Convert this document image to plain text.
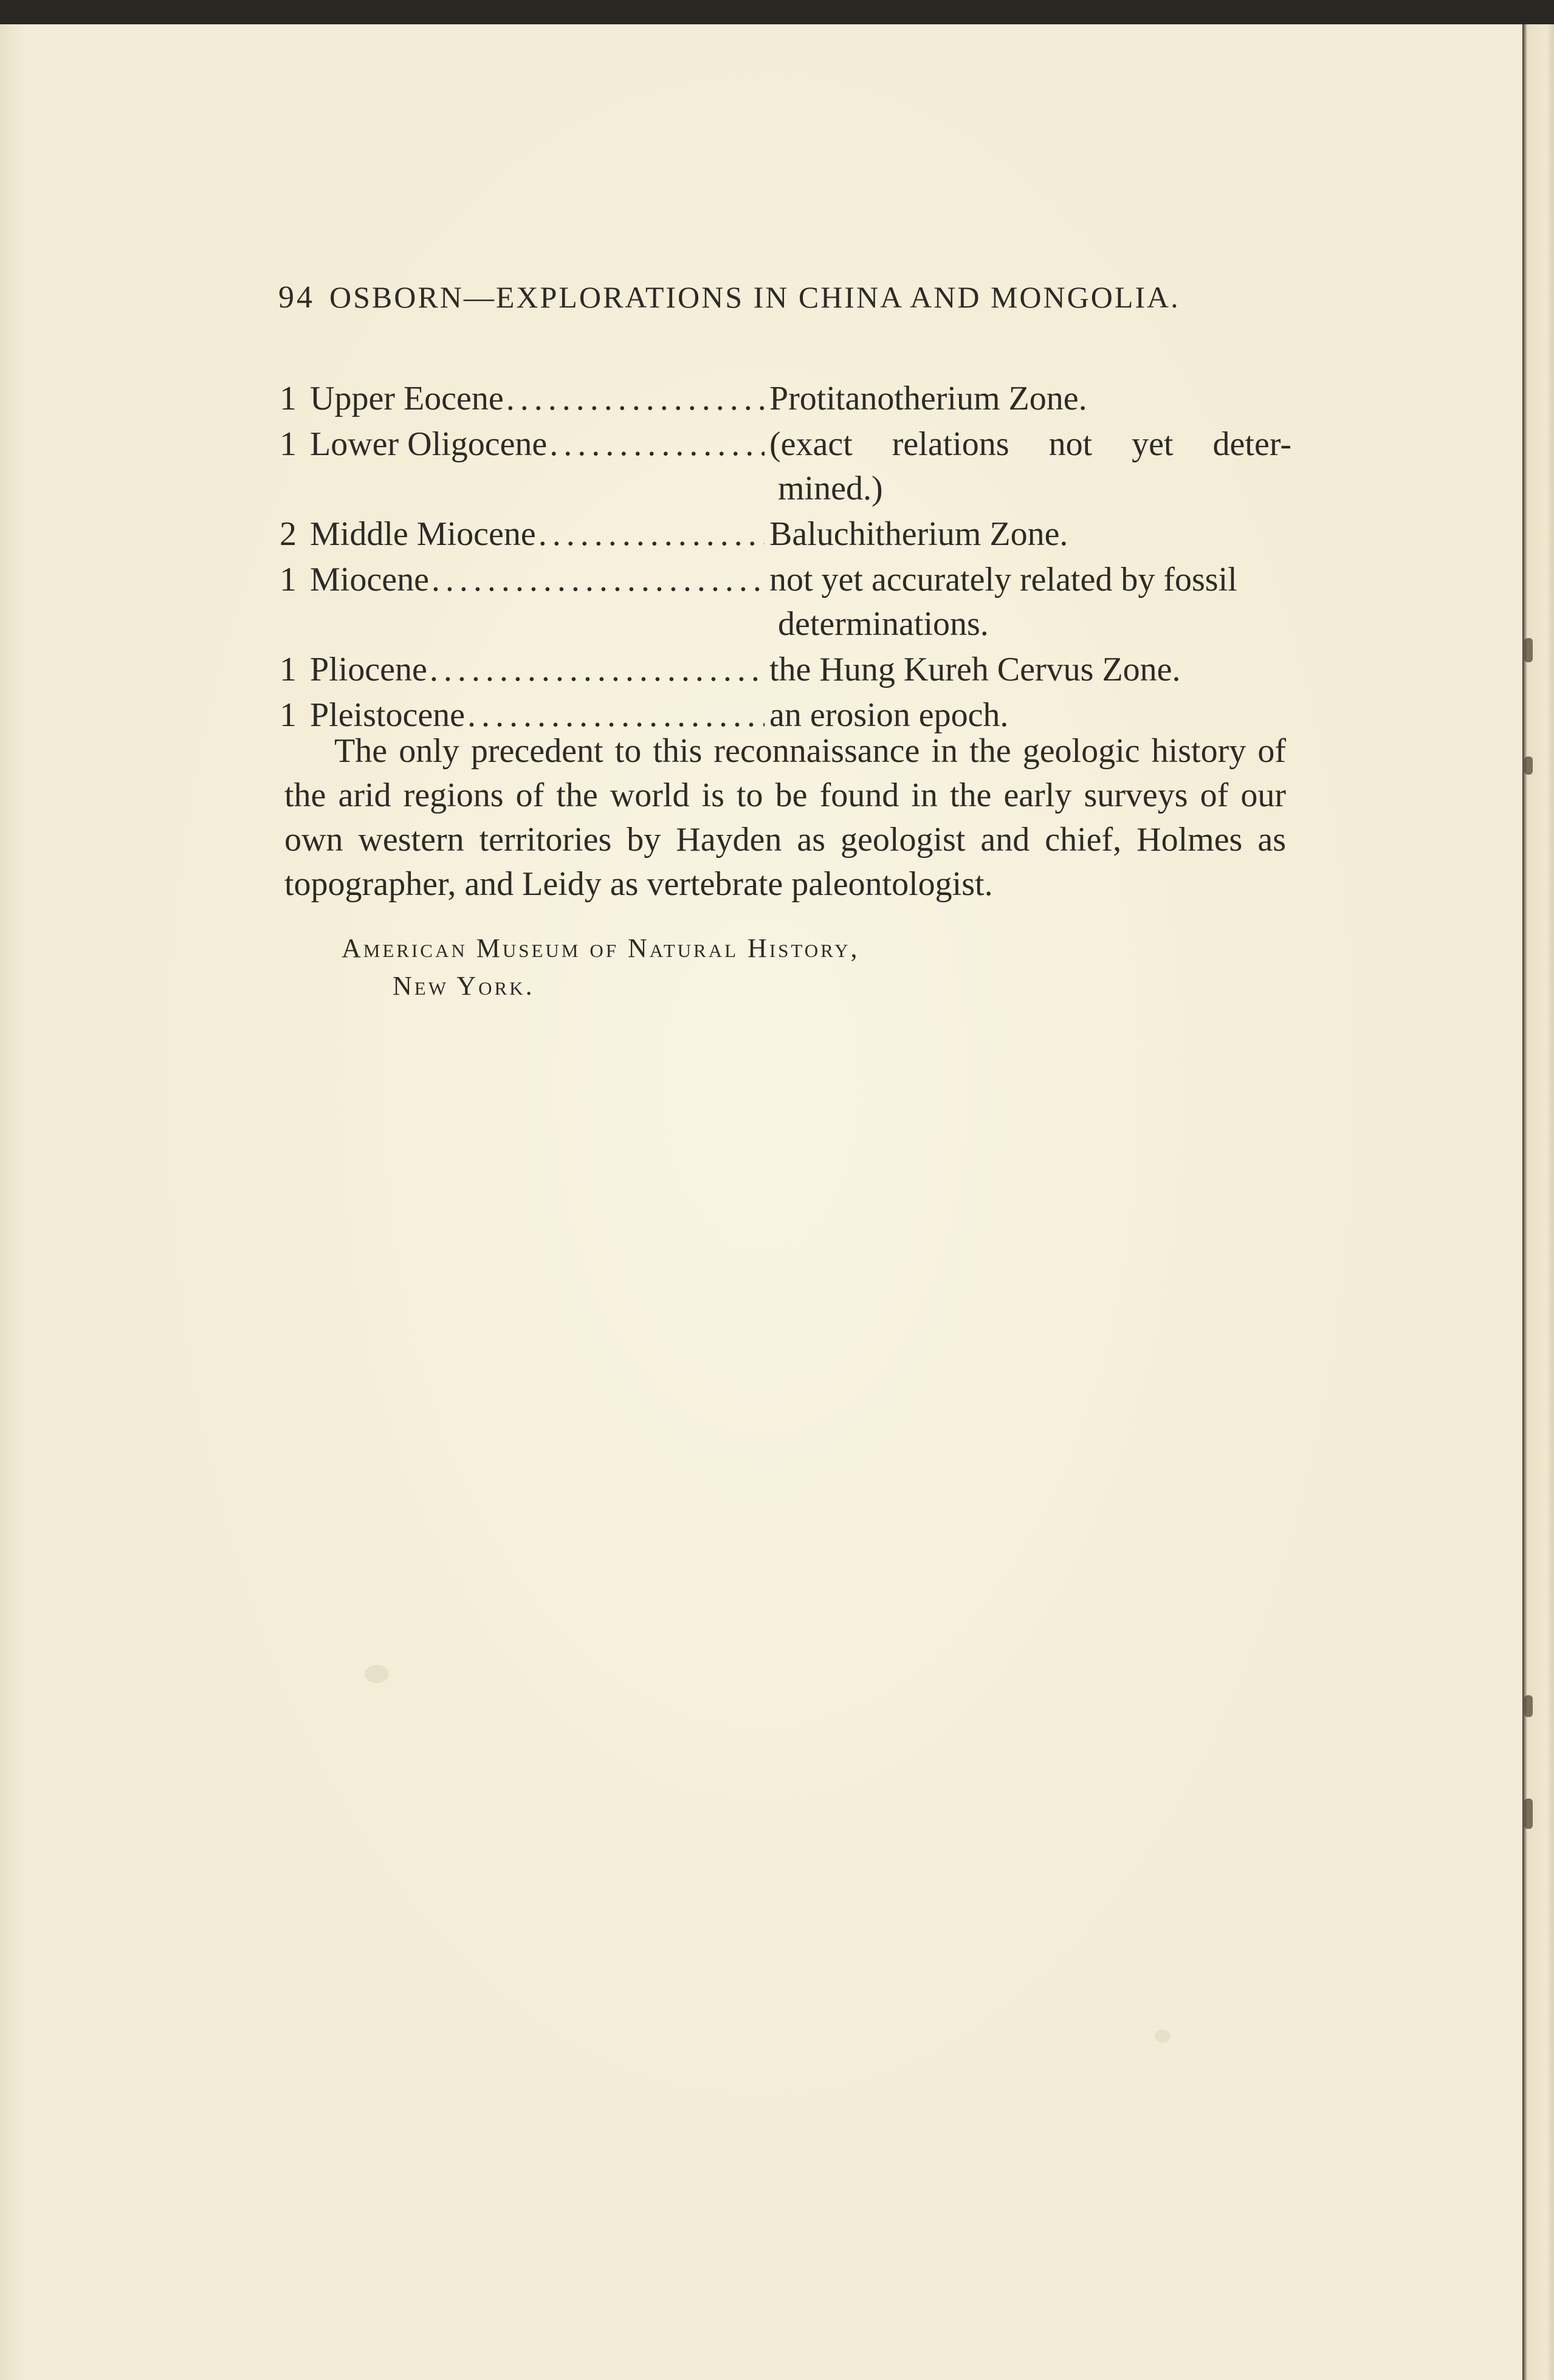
94 OSBORN—EXPLORATIONS IN CHINA AND MONGOLIA.
1 Upper Eocene .....	Protitanotherium Zone.
1 Lower Oligocene .....	(exact relations not yet deter-
mined.)
2 Middle Miocene .....	Baluchitherium Zone.
1 Miocene .....	not yet accurately related by fossil
determinations.
1 Pliocene .....	the Hung Kureh Cervus Zone.
1 Pleistocene .....	an erosion epoch.
The only precedent to this reconnaissance in the geologic history of the arid regions of the world is to be found in the early surveys of our own western territories by Hayden as geologist and chief, Holmes as topographer, and Leidy as vertebrate paleontologist.
American Museum of Natural History,
New York.
